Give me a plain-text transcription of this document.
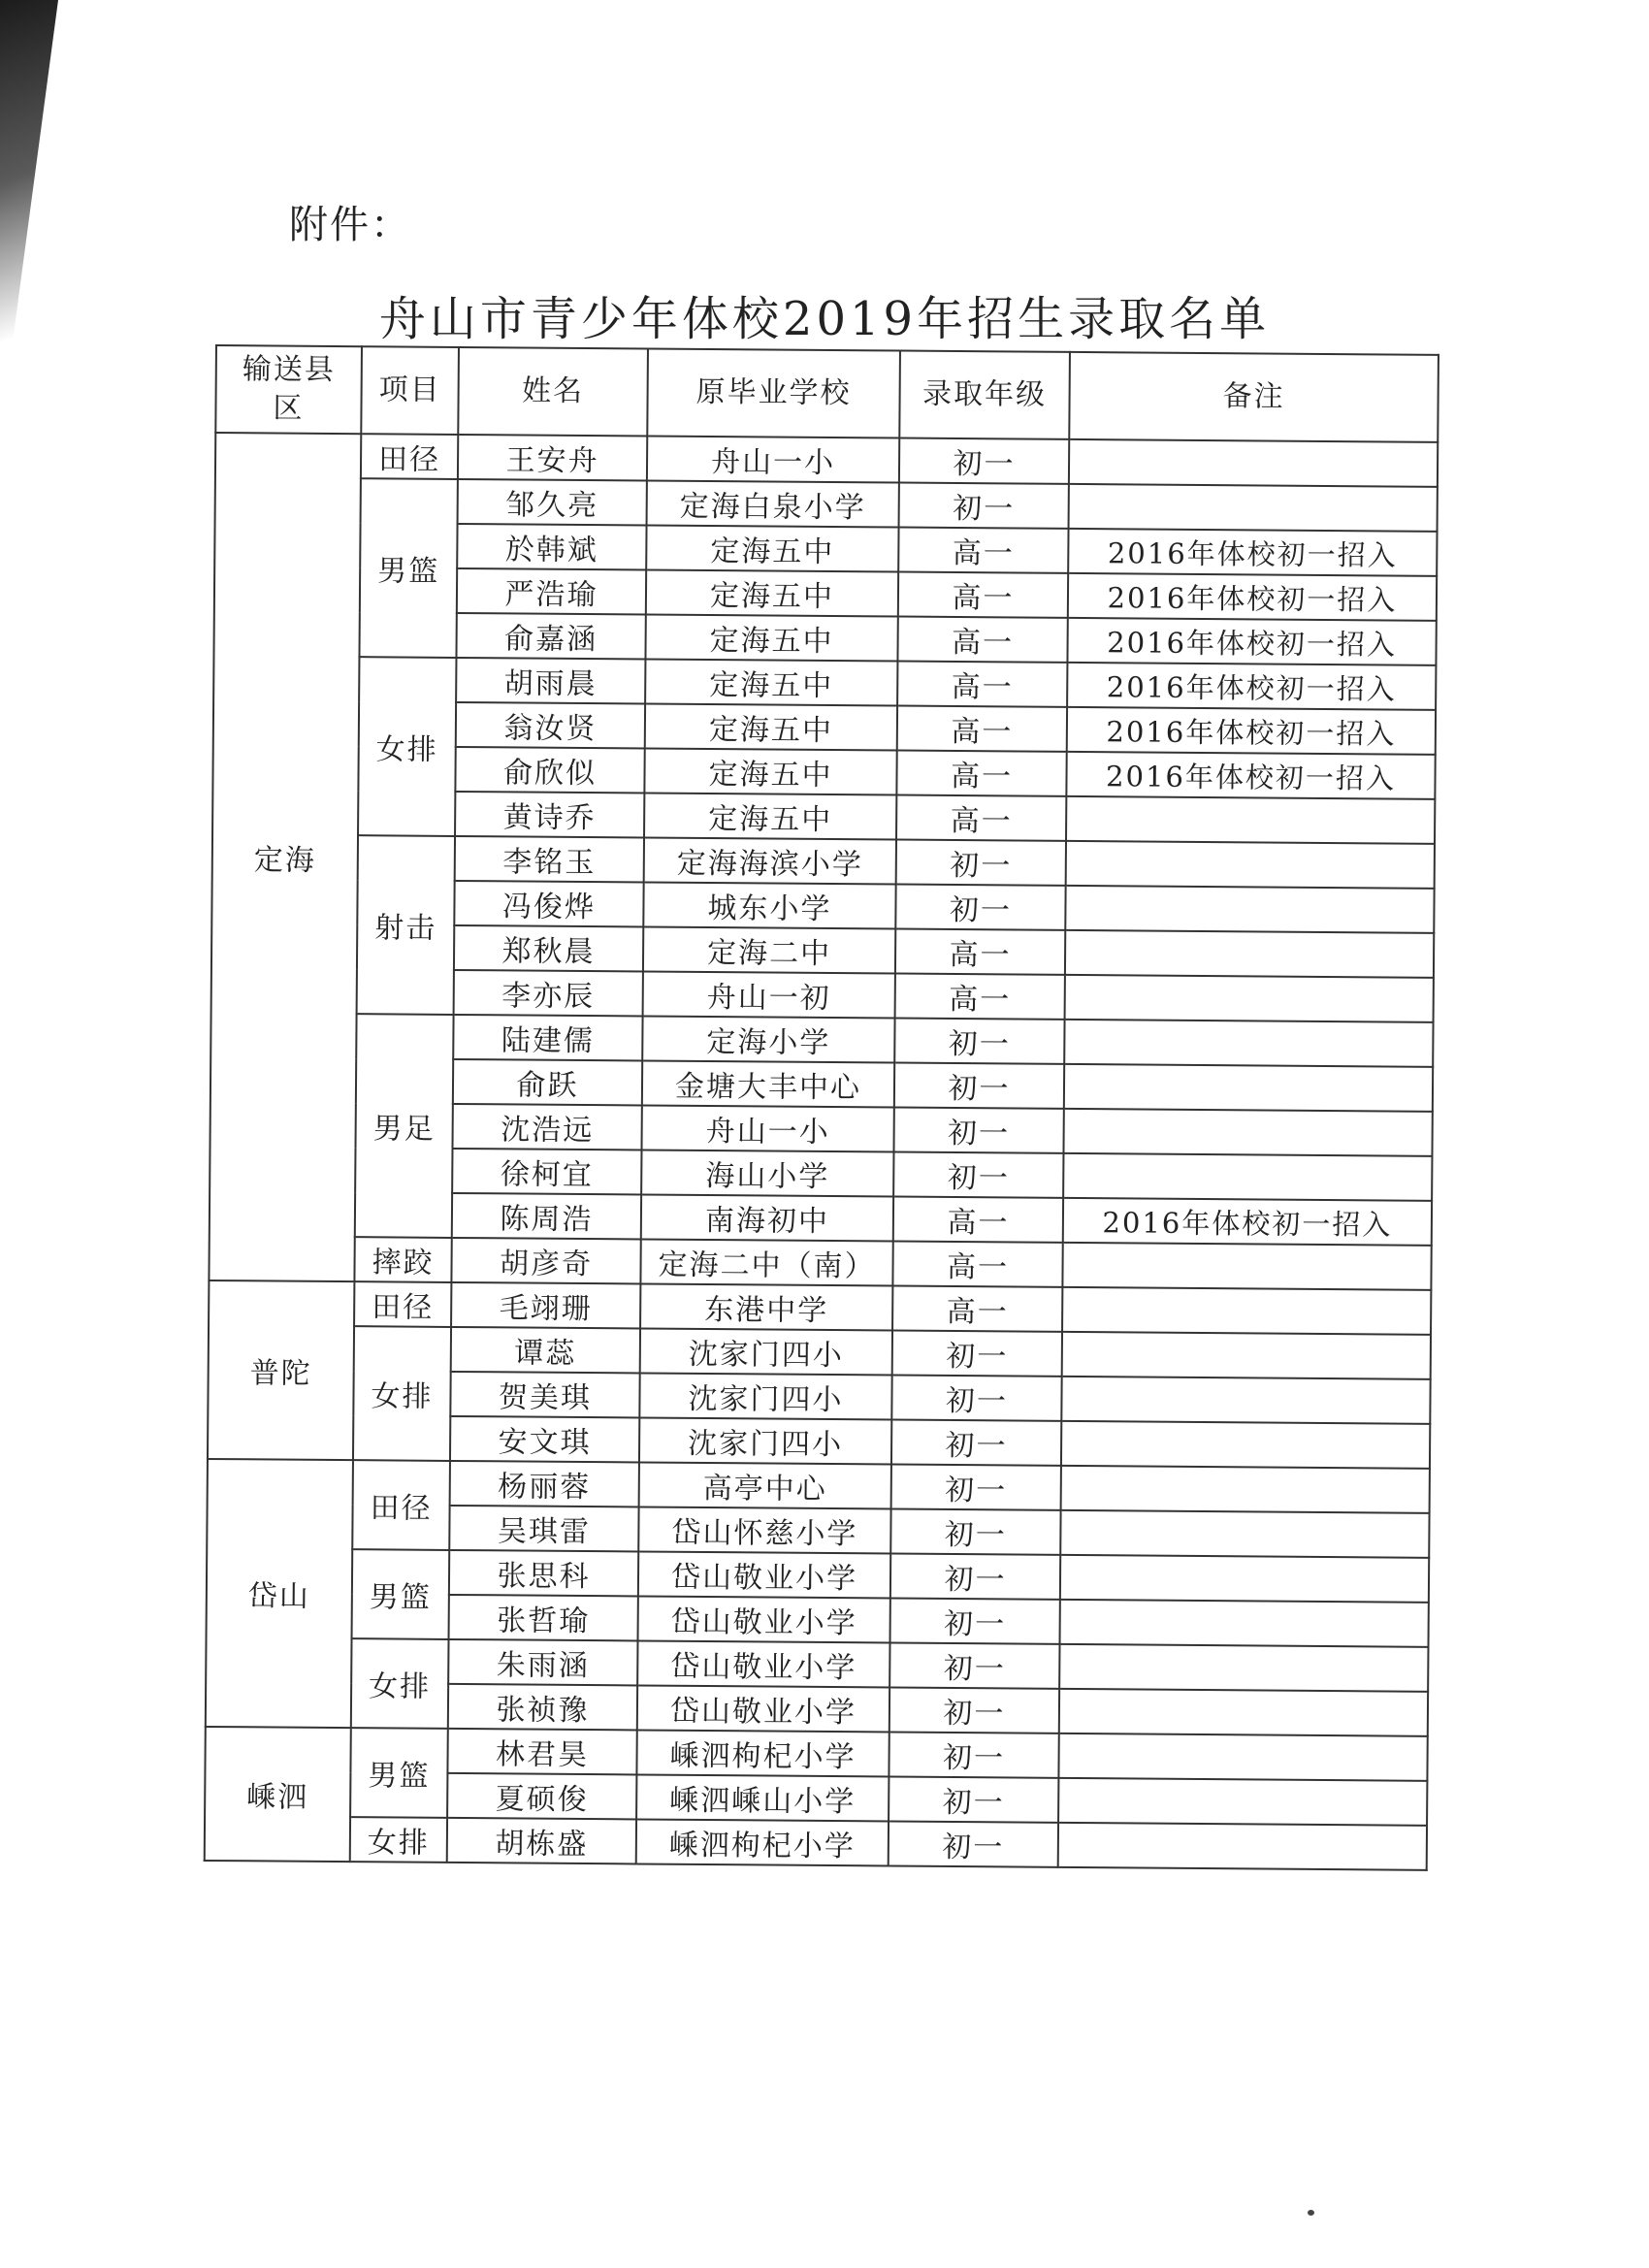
附件：
舟山市青少年体校2019年招生录取名单
输送县区	项目	姓名	原毕业学校	录取年级	备注
定海	田径	王安舟	舟山一小	初一	
	男篮	邹久亮	定海白泉小学	初一	
		於韩斌	定海五中	高一	2016年体校初一招入
		严浩瑜	定海五中	高一	2016年体校初一招入
		俞嘉涵	定海五中	高一	2016年体校初一招入
	女排	胡雨晨	定海五中	高一	2016年体校初一招入
		翁汝贤	定海五中	高一	2016年体校初一招入
		俞欣似	定海五中	高一	2016年体校初一招入
		黄诗乔	定海五中	高一	
	射击	李铭玉	定海海滨小学	初一	
		冯俊烨	城东小学	初一	
		郑秋晨	定海二中	高一	
		李亦辰	舟山一初	高一	
	男足	陆建儒	定海小学	初一	
		俞跃	金塘大丰中心	初一	
		沈浩远	舟山一小	初一	
		徐柯宜	海山小学	初一	
		陈周浩	南海初中	高一	2016年体校初一招入
	摔跤	胡彦奇	定海二中（南）	高一	
普陀	田径	毛翊珊	东港中学	高一	
	女排	谭蕊	沈家门四小	初一	
		贺美琪	沈家门四小	初一	
		安文琪	沈家门四小	初一	
岱山	田径	杨丽蓉	高亭中心	初一	
		吴琪雷	岱山怀慈小学	初一	
	男篮	张思科	岱山敬业小学	初一	
		张哲瑜	岱山敬业小学	初一	
	女排	朱雨涵	岱山敬业小学	初一	
		张祯豫	岱山敬业小学	初一	
嵊泗	男篮	林君昊	嵊泗枸杞小学	初一	
		夏硕俊	嵊泗嵊山小学	初一	
	女排	胡栋盛	嵊泗枸杞小学	初一	
